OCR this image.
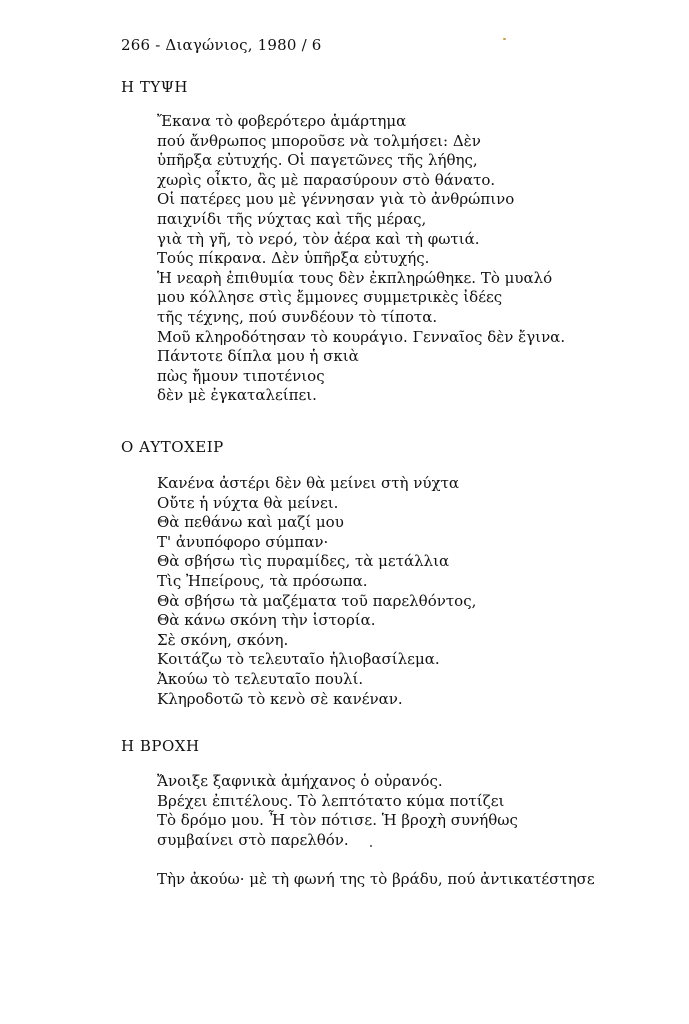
266 - Διαγώνιος, 1980 / 6
Η ΤΥΨΗ
Ἔκανα τὸ φοβερότερο ἁμάρτημα
πού ἄνθρωπος μποροῦσε νὰ τολμήσει: Δὲν
ὑπῆρξα εὐτυχής. Οἱ παγετῶνες τῆς λήθης,
χωρὶς οἶκτο, ἂς μὲ παρασύρουν στὸ θάνατο.
Οἱ πατέρες μου μὲ γέννησαν γιὰ τὸ ἀνθρώπινο
παιχνίδι τῆς νύχτας καὶ τῆς μέρας,
γιὰ τὴ γῆ, τὸ νερό, τὸν ἀέρα καὶ τὴ φωτιά.
Τούς πίκρανα. Δὲν ὑπῆρξα εὐτυχής.
Ἡ νεαρὴ ἐπιθυμία τους δὲν ἐκπληρώθηκε. Τὸ μυαλό
μου κόλλησε στὶς ἔμμονες συμμετρικὲς ἰδέες
τῆς τέχνης, πού συνδέουν τὸ τίποτα.
Μοῦ κληροδότησαν τὸ κουράγιο. Γενναῖος δὲν ἔγινα.
Πάντοτε δίπλα μου ἡ σκιὰ
πὼς ἤμουν τιποτένιος
δὲν μὲ ἐγκαταλείπει.
Ο ΑΥΤΟΧΕΙΡ
Κανένα ἀστέρι δὲν θὰ μείνει στὴ νύχτα
Οὔτε ἡ νύχτα θὰ μείνει.
Θὰ πεθάνω καὶ μαζί μου
Τ' ἀνυπόφορο σύμπαν·
Θὰ σβήσω τὶς πυραμίδες, τὰ μετάλλια
Τὶς Ἠπείρους, τὰ πρόσωπα.
Θὰ σβήσω τὰ μαζέματα τοῦ παρελθόντος,
Θὰ κάνω σκόνη τὴν ἱστορία.
Σὲ σκόνη, σκόνη.
Κοιτάζω τὸ τελευταῖο ἡλιοβασίλεμα.
Ἀκούω τὸ τελευταῖο πουλί.
Κληροδοτῶ τὸ κενὸ σὲ κανέναν.
Η ΒΡΟΧΗ
Ἄνοιξε ξαφνικὰ ἀμήχανος ὁ οὐρανός.
Βρέχει ἐπιτέλους. Τὸ λεπτότατο κύμα ποτίζει
Τὸ δρόμο μου. Ἦ τὸν πότισε. Ἡ βροχὴ συνήθως
συμβαίνει στὸ παρελθόν.
Τὴν ἀκούω· μὲ τὴ φωνή της τὸ βράδυ, πού ἀντικατέστησε
